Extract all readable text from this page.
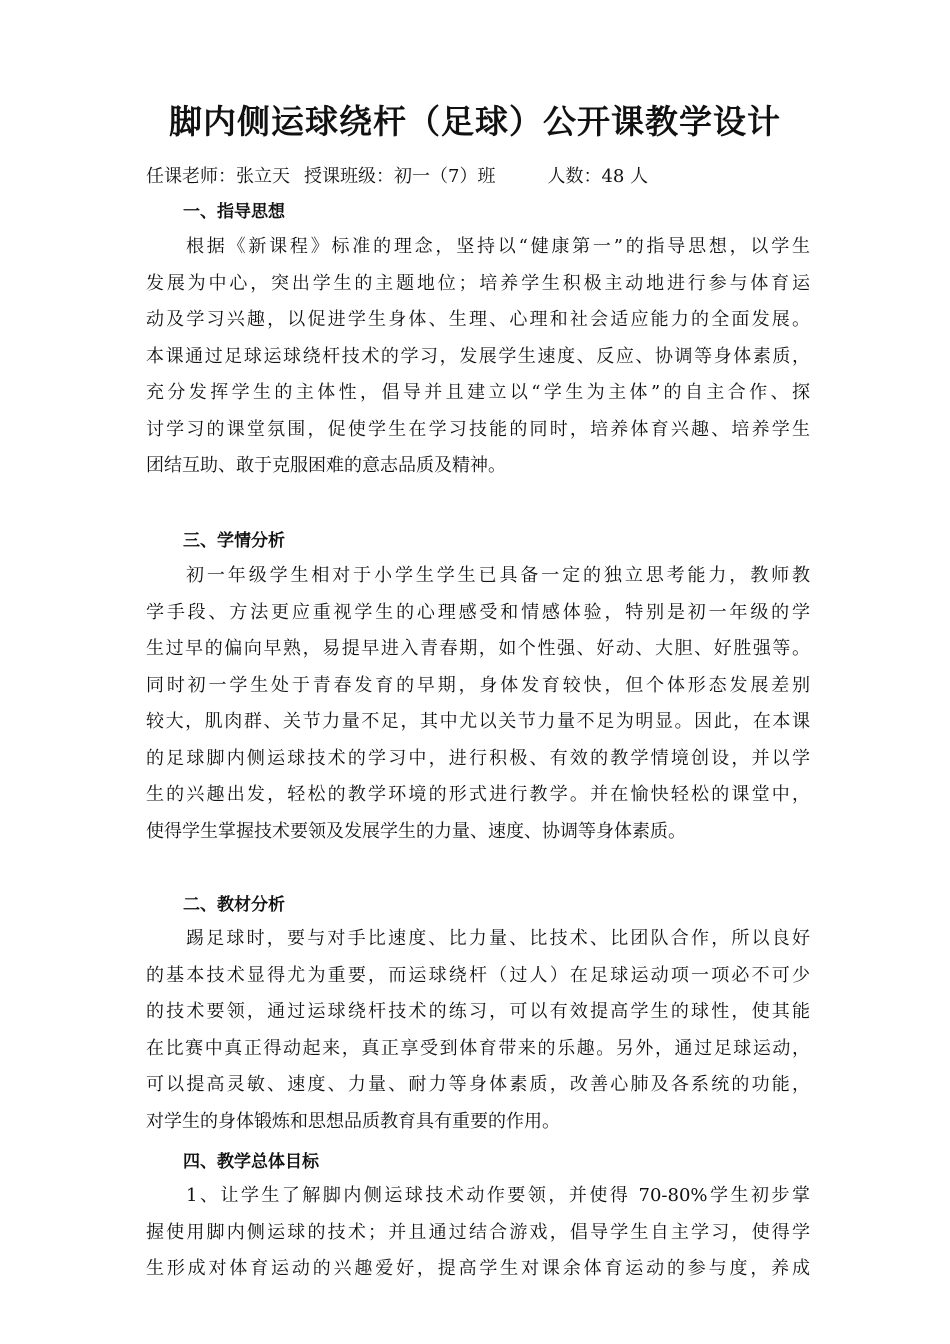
脚内侧运球绕杆（足球）公开课教学设计
任课老师：张立天 授课班级：初一（7）班	人数：48 人
一、指导思想
根据《新课程》标准的理念，坚持以“健康第一”的指导思想，以学生
发展为中心，突出学生的主题地位；培养学生积极主动地进行参与体育运
动及学习兴趣，以促进学生身体、生理、心理和社会适应能力的全面发展。
本课通过足球运球绕杆技术的学习，发展学生速度、反应、协调等身体素质，
充分发挥学生的主体性，倡导并且建立以“学生为主体”的自主合作、探
讨学习的课堂氛围，促使学生在学习技能的同时，培养体育兴趣、培养学生
团结互助、敢于克服困难的意志品质及精神。
三、学情分析
初一年级学生相对于小学生学生已具备一定的独立思考能力，教师教
学手段、方法更应重视学生的心理感受和情感体验，特别是初一年级的学
生过早的偏向早熟，易提早进入青春期，如个性强、好动、大胆、好胜强等。
同时初一学生处于青春发育的早期，身体发育较快，但个体形态发展差别
较大，肌肉群、关节力量不足，其中尤以关节力量不足为明显。因此，在本课
的足球脚内侧运球技术的学习中，进行积极、有效的教学情境创设，并以学
生的兴趣出发，轻松的教学环境的形式进行教学。并在愉快轻松的课堂中，
使得学生掌握技术要领及发展学生的力量、速度、协调等身体素质。
二、教材分析
踢足球时，要与对手比速度、比力量、比技术、比团队合作，所以良好
的基本技术显得尤为重要，而运球绕杆（过人）在足球运动项一项必不可少
的技术要领，通过运球绕杆技术的练习，可以有效提高学生的球性，使其能
在比赛中真正得动起来，真正享受到体育带来的乐趣。另外，通过足球运动，
可以提高灵敏、速度、力量、耐力等身体素质，改善心肺及各系统的功能，
对学生的身体锻炼和思想品质教育具有重要的作用。
四、教学总体目标
1、让学生了解脚内侧运球技术动作要领，并使得 70-80%学生初步掌
握使用脚内侧运球的技术；并且通过结合游戏，倡导学生自主学习，使得学
生形成对体育运动的兴趣爱好，提高学生对课余体育运动的参与度，养成
